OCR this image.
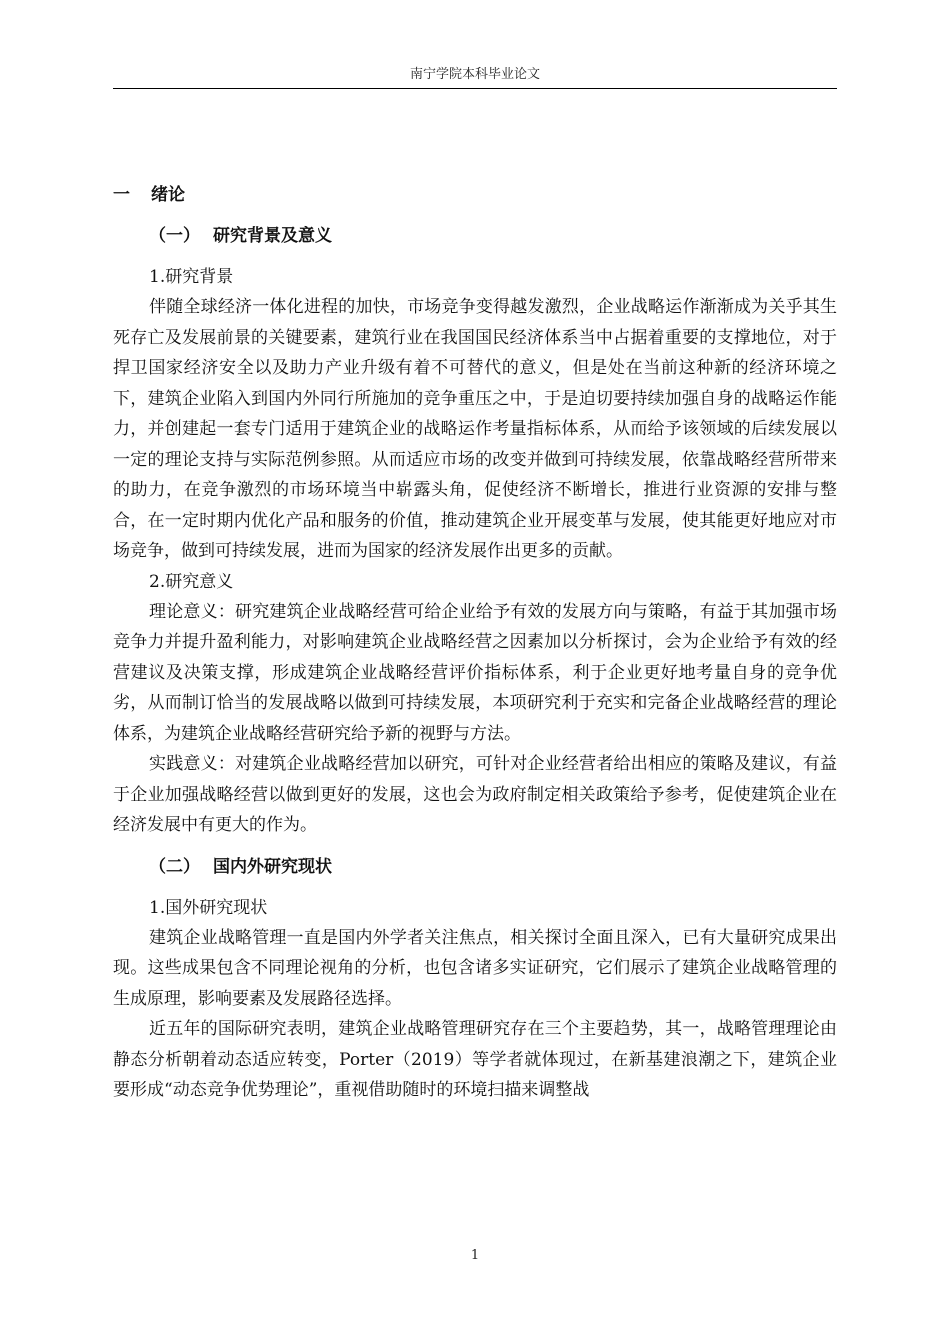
南宁学院本科毕业论文
一 绪论
（一） 研究背景及意义
1.研究背景

伴随全球经济一体化进程的加快，市场竞争变得越发激烈，企业战略运作渐渐成为关乎其生死存亡及发展前景的关键要素，建筑行业在我国国民经济体系当中占据着重要的支撑地位，对于捍卫国家经济安全以及助力产业升级有着不可替代的意义，但是处在当前这种新的经济环境之下，建筑企业陷入到国内外同行所施加的竞争重压之中，于是迫切要持续加强自身的战略运作能力，并创建起一套专门适用于建筑企业的战略运作考量指标体系，从而给予该领域的后续发展以一定的理论支持与实际范例参照。从而适应市场的改变并做到可持续发展，依靠战略经营所带来的助力，在竞争激烈的市场环境当中崭露头角，促使经济不断增长，推进行业资源的安排与整合，在一定时期内优化产品和服务的价值，推动建筑企业开展变革与发展，使其能更好地应对市场竞争，做到可持续发展，进而为国家的经济发展作出更多的贡献。

2.研究意义

理论意义：研究建筑企业战略经营可给企业给予有效的发展方向与策略，有益于其加强市场竞争力并提升盈利能力，对影响建筑企业战略经营之因素加以分析探讨，会为企业给予有效的经营建议及决策支撑，形成建筑企业战略经营评价指标体系，利于企业更好地考量自身的竞争优劣，从而制订恰当的发展战略以做到可持续发展，本项研究利于充实和完备企业战略经营的理论体系，为建筑企业战略经营研究给予新的视野与方法。

实践意义：对建筑企业战略经营加以研究，可针对企业经营者给出相应的策略及建议，有益于企业加强战略经营以做到更好的发展，这也会为政府制定相关政策给予参考，促使建筑企业在经济发展中有更大的作为。

（二） 国内外研究现状
1.国外研究现状

建筑企业战略管理一直是国内外学者关注焦点，相关探讨全面且深入，已有大量研究成果出现。这些成果包含不同理论视角的分析，也包含诸多实证研究，它们展示了建筑企业战略管理的生成原理，影响要素及发展路径选择。

近五年的国际研究表明，建筑企业战略管理研究存在三个主要趋势，其一，战略管理理论由静态分析朝着动态适应转变，Porter（2019）等学者就体现过，在新基建浪潮之下，建筑企业要形成“动态竞争优势理论”，重视借助随时的环境扫描来调整战

1
